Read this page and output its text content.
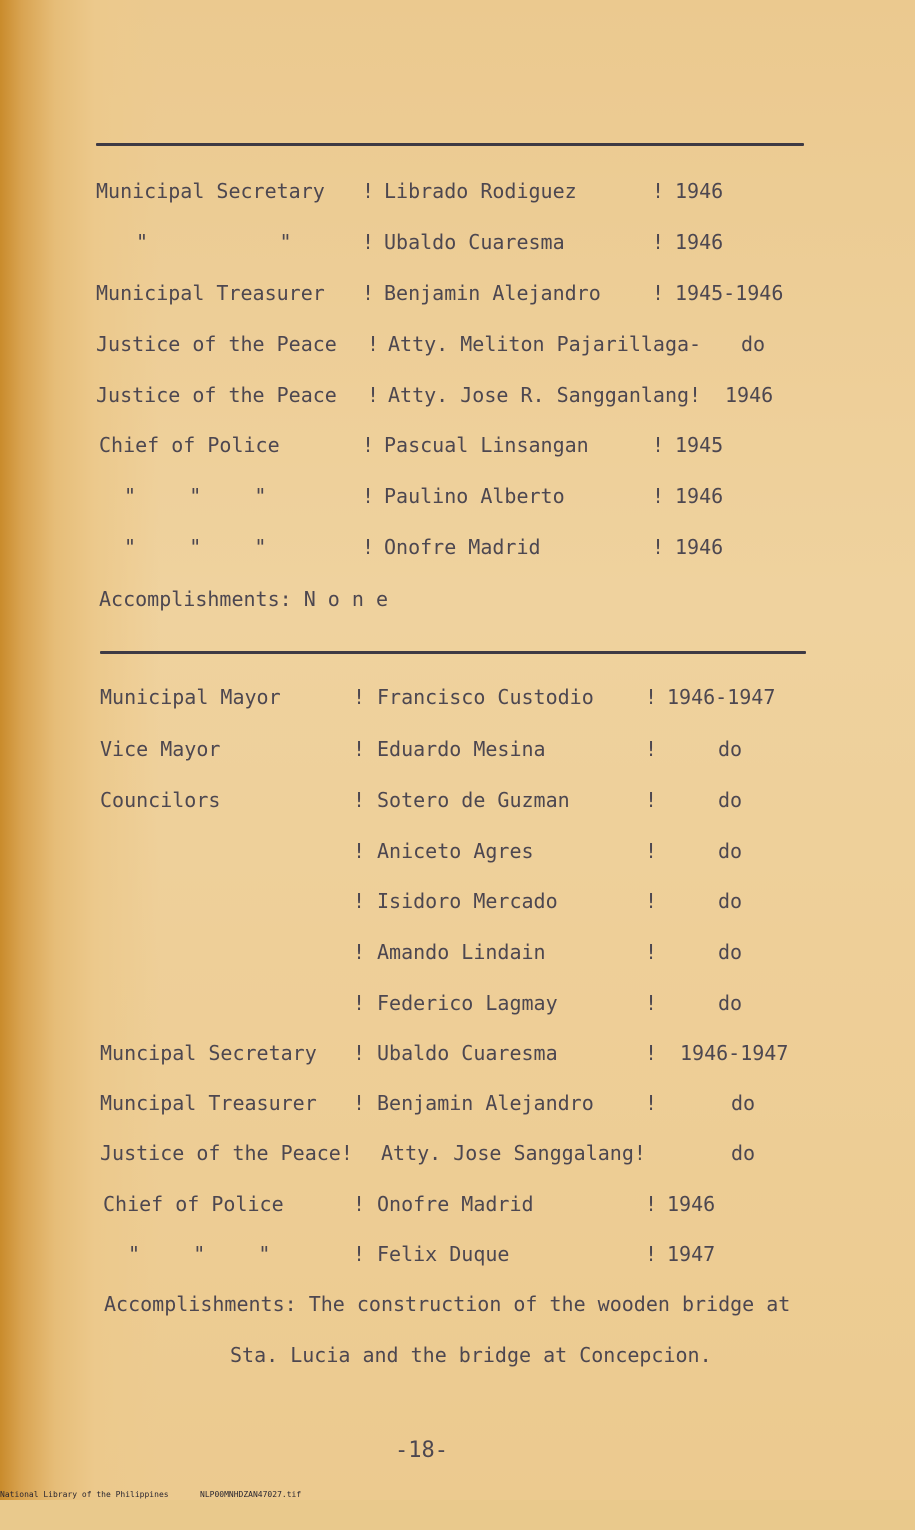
Municipal Secretary ! Librado Rodiguez	! 1946
"          "	! Ubaldo Cuaresma	! 1946
Municipal Treasurer ! Benjamin Alejandro	! 1945-1946
Justice of the Peace ! Atty. Meliton Pajarillaga- do
Justice of the Peace ! Atty. Jose R. Sangganlang! 1946
Chief of Police	! Pascual Linsangan	! 1945
"    "    "	! Paulino Alberto	! 1946
"    "    "	! Onofre Madrid	! 1946
Accomplishments: N o n e
Municipal Mayor	! Francisco Custodio	! 1946-1947
Vice Mayor	! Eduardo Mesina	!	do
Councilors	! Sotero de Guzman	!	do
! Aniceto Agres	!	do
! Isidoro Mercado	!	do
! Amando Lindain	!	do
! Federico Lagmay	!	do
Muncipal Secretary ! Ubaldo Cuaresma	! 1946-1947
Muncipal Treasurer ! Benjamin Alejandro	!	do
Justice of the Peace! Atty. Jose Sanggalang!	do
Chief of Police	! Onofre Madrid	! 1946
"    "    "	! Felix Duque	! 1947
Accomplishments: The construction of the wooden bridge at
Sta. Lucia and the bridge at Concepcion.
-18-

National Library of the Philippines

	NLP00MNHDZAN47027.tif
